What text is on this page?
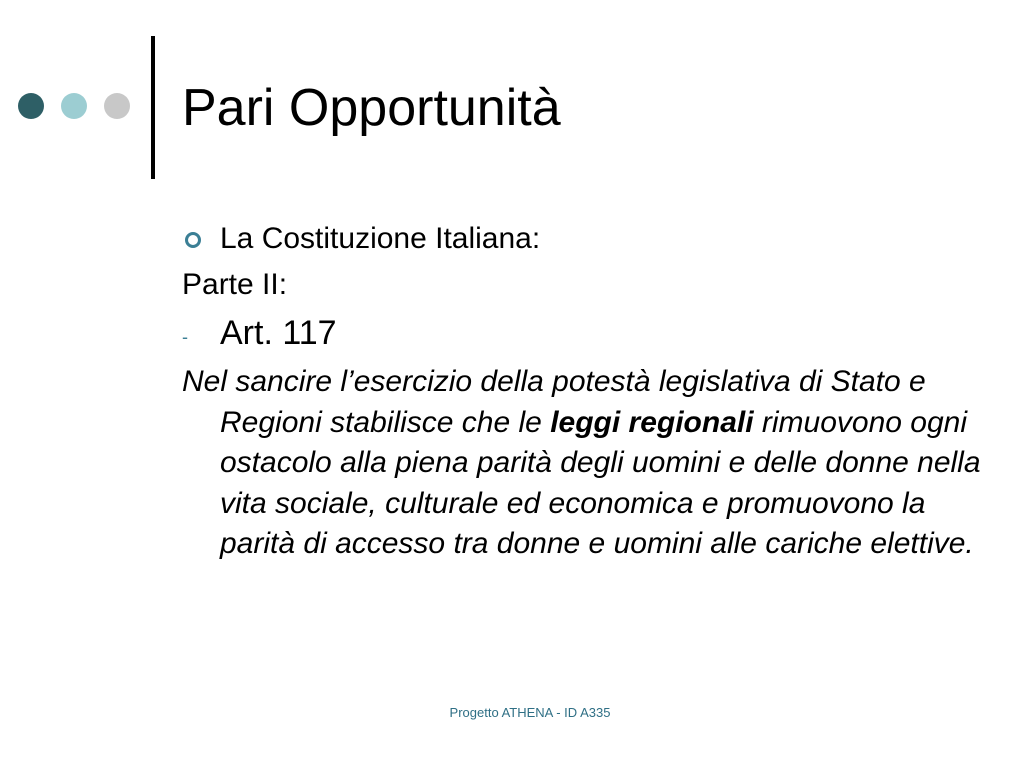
Pari Opportunità
La Costituzione Italiana:
Parte II:
- Art. 117
Nel sancire l’esercizio della potestà legislativa di Stato e Regioni stabilisce che le leggi regionali rimuovono ogni ostacolo alla piena parità degli uomini e delle donne nella vita sociale, culturale ed economica e promuovono la parità di accesso tra donne e uomini alle cariche elettive.
Progetto ATHENA - ID A335
